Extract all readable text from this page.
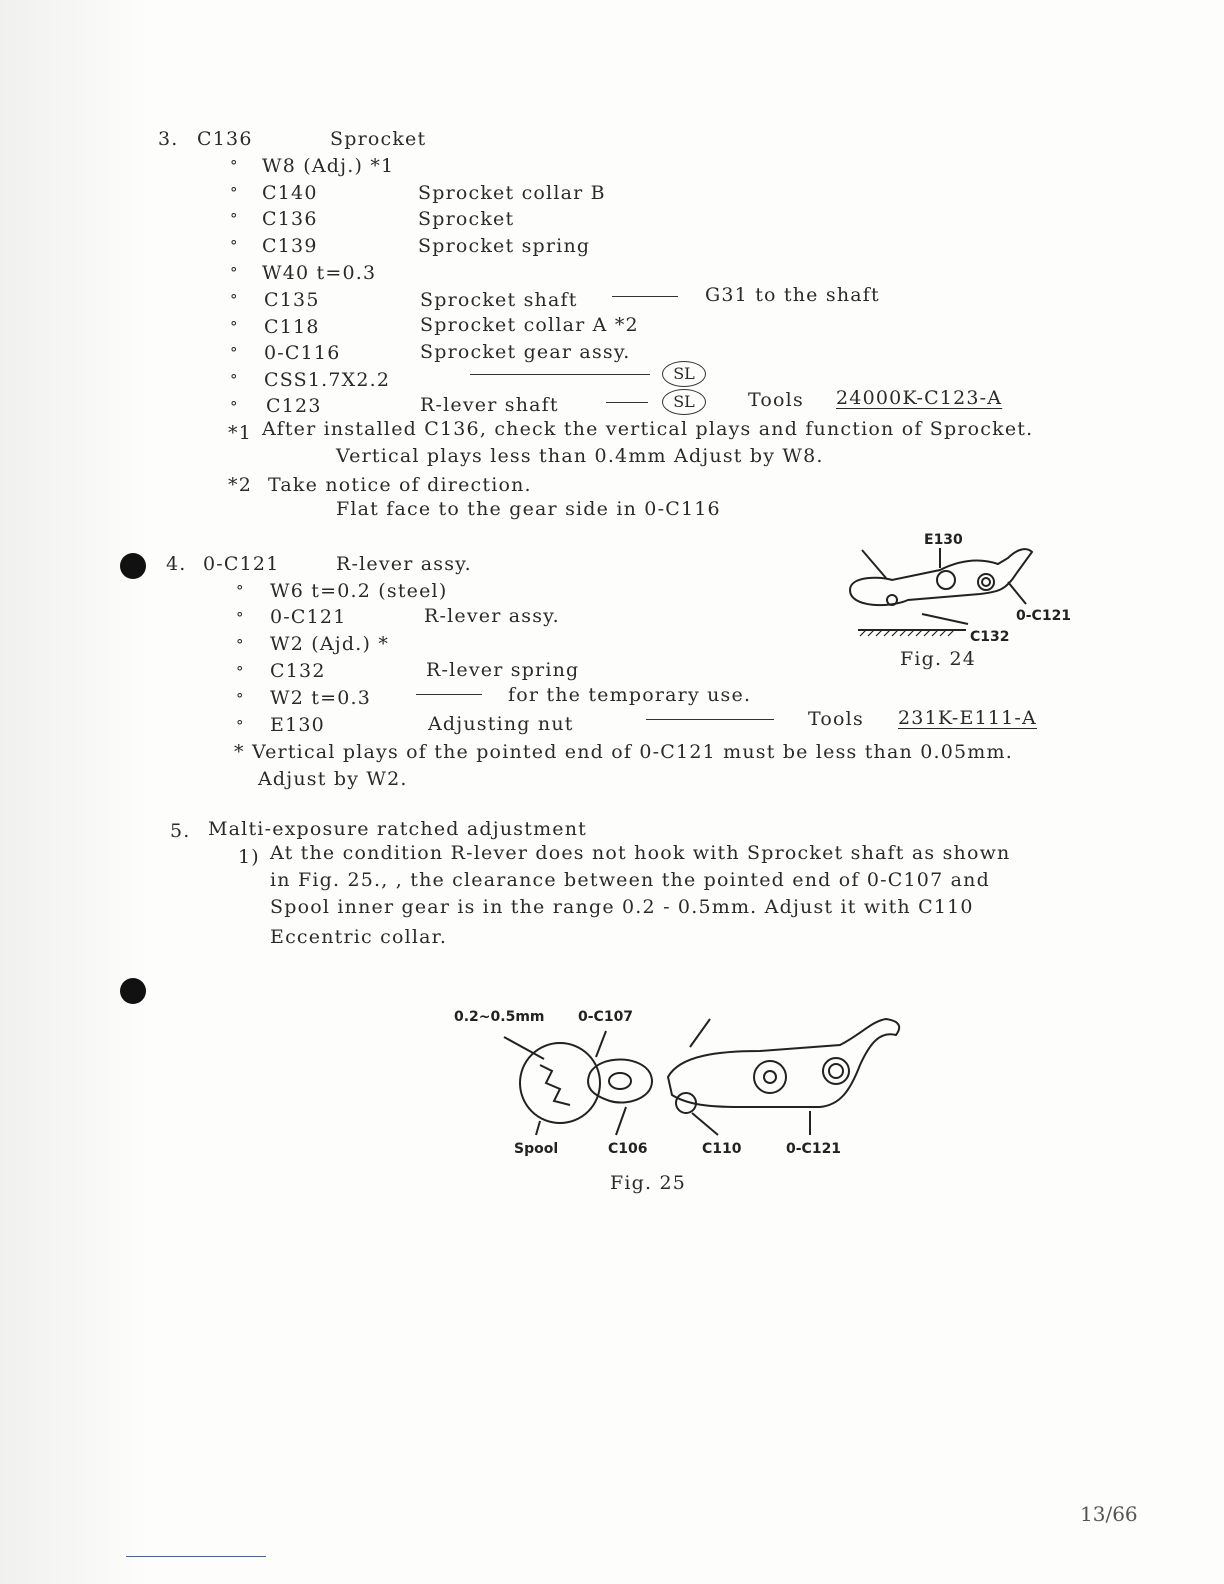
3. C136	Sprocket
° W8 (Adj.) *1
° C140	Sprocket collar B
° C136	Sprocket
° C139	Sprocket spring
° W40 t=0.3
° C135	Sprocket shaft	G31 to the shaft
° C118	Sprocket collar A *2
° 0-C116	Sprocket gear assy.
° CSS1.7X2.2	SL
° C123	R-lever shaft	SL	Tools 24000K-C123-A
*1 After installed C136, check the vertical plays and function of Sprocket.
Vertical plays less than 0.4mm Adjust by W8.
*2 Take notice of direction.
Flat face to the gear side in 0-C116
4. 0-C121	R-lever assy.
° W6 t=0.2 (steel)
° 0-C121	R-lever assy.
° W2 (Ajd.) *
° C132	R-lever spring
° W2 t=0.3	for the temporary use.
° E130	Adjusting nut	Tools 231K-E111-A
* Vertical plays of the pointed end of 0-C121 must be less than 0.05mm.
Adjust by W2.
E130
0-C121
C132
Fig. 24
5. Malti-exposure ratched adjustment
1) At the condition R-lever does not hook with Sprocket shaft as shown
in Fig. 25., , the clearance between the pointed end of 0-C107 and
Spool inner gear is in the range 0.2 - 0.5mm. Adjust it with C110
Eccentric collar.
0.2~0.5mm 0-C107
Spool	C106	C110	0-C121
Fig. 25
13/66
